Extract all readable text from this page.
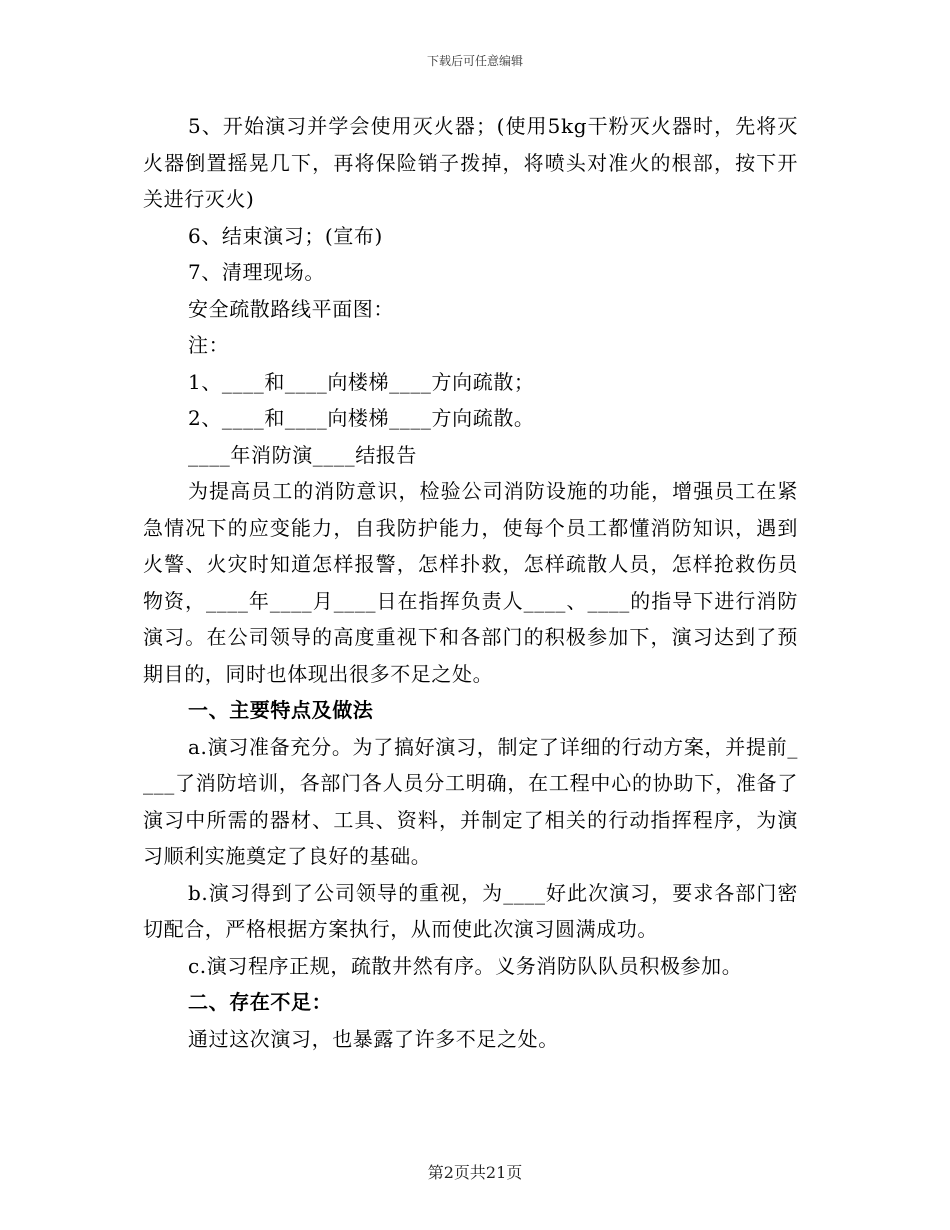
下载后可任意编辑

5、开始演习并学会使用灭火器；(使用5kg干粉灭火器时，先将灭火器倒置摇晃几下，再将保险销子拨掉，将喷头对准火的根部，按下开关进行灭火)

6、结束演习；(宣布)

7、清理现场。

安全疏散路线平面图：

注：

1、____和____向楼梯____方向疏散；

2、____和____向楼梯____方向疏散。

____年消防演____结报告

为提高员工的消防意识，检验公司消防设施的功能，增强员工在紧急情况下的应变能力，自我防护能力，使每个员工都懂消防知识，遇到火警、火灾时知道怎样报警，怎样扑救，怎样疏散人员，怎样抢救伤员物资，____年____月____日在指挥负责人____、____的指导下进行消防演习。在公司领导的高度重视下和各部门的积极参加下，演习达到了预期目的，同时也体现出很多不足之处。

一、主要特点及做法

a.演习准备充分。为了搞好演习，制定了详细的行动方案，并提前____了消防培训，各部门各人员分工明确，在工程中心的协助下，准备了演习中所需的器材、工具、资料，并制定了相关的行动指挥程序，为演习顺利实施奠定了良好的基础。

b.演习得到了公司领导的重视，为____好此次演习，要求各部门密切配合，严格根据方案执行，从而使此次演习圆满成功。

c.演习程序正规，疏散井然有序。义务消防队队员积极参加。

二、存在不足：

通过这次演习，也暴露了许多不足之处。

第2页共21页
